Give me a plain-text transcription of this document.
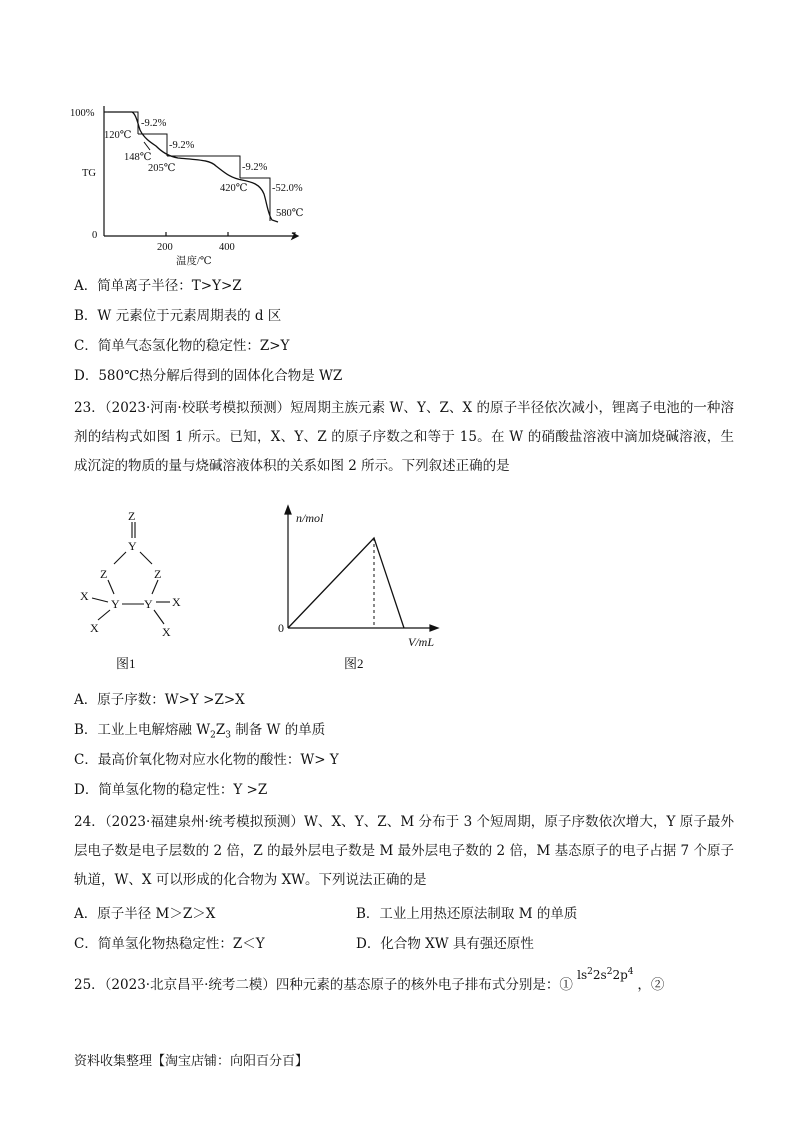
100%
TG
0
200	400
温度/℃
-9.2%
-9.2%
-9.2%
-52.0%
120℃
148℃
205℃
420℃
580℃
A．简单离子半径：T>Y>Z
B．W 元素位于元素周期表的 d 区
C．简单气态氢化物的稳定性：Z>Y
D．580℃热分解后得到的固体化合物是 WZ
23．（2023·河南·校联考模拟预测）短周期主族元素 W、Y、Z、X 的原子半径依次减小，锂离子电池的一种溶剂的结构式如图 1 所示。已知，X、Y、Z 的原子序数之和等于 15。在 W 的硝酸盐溶液中滴加烧碱溶液，生成沉淀的物质的量与烧碱溶液体积的关系如图 2 所示。下列叙述正确的是
Z
Y
Z	Z
Y Y
X
X
X
X
图1
n/mol
0
V/mL
图2
A．原子序数：W>Y >Z>X
B．工业上电解熔融 $W_2Z_3$ 制备 W 的单质
C．最高价氧化物对应水化物的酸性：W> Y
D．简单氢化物的稳定性：Y >Z
24．（2023·福建泉州·统考模拟预测）W、X、Y、Z、M 分布于 3 个短周期，原子序数依次增大，Y 原子最外层电子数是电子层数的 2 倍，Z 的最外层电子数是 M 最外层电子数的 2 倍，M 基态原子的电子占据 7 个原子轨道，W、X 可以形成的化合物为 XW。下列说法正确的是
A．原子半径 M＞Z＞X	B．工业上用热还原法制取 M 的单质
C．简单氢化物热稳定性：Z＜Y	D．化合物 XW 具有强还原性
25．（2023·北京昌平·统考二模）四种元素的基态原子的核外电子排布式分别是：① $ls^22s^22p^4$ ，②
资料收集整理【淘宝店铺：向阳百分百】
